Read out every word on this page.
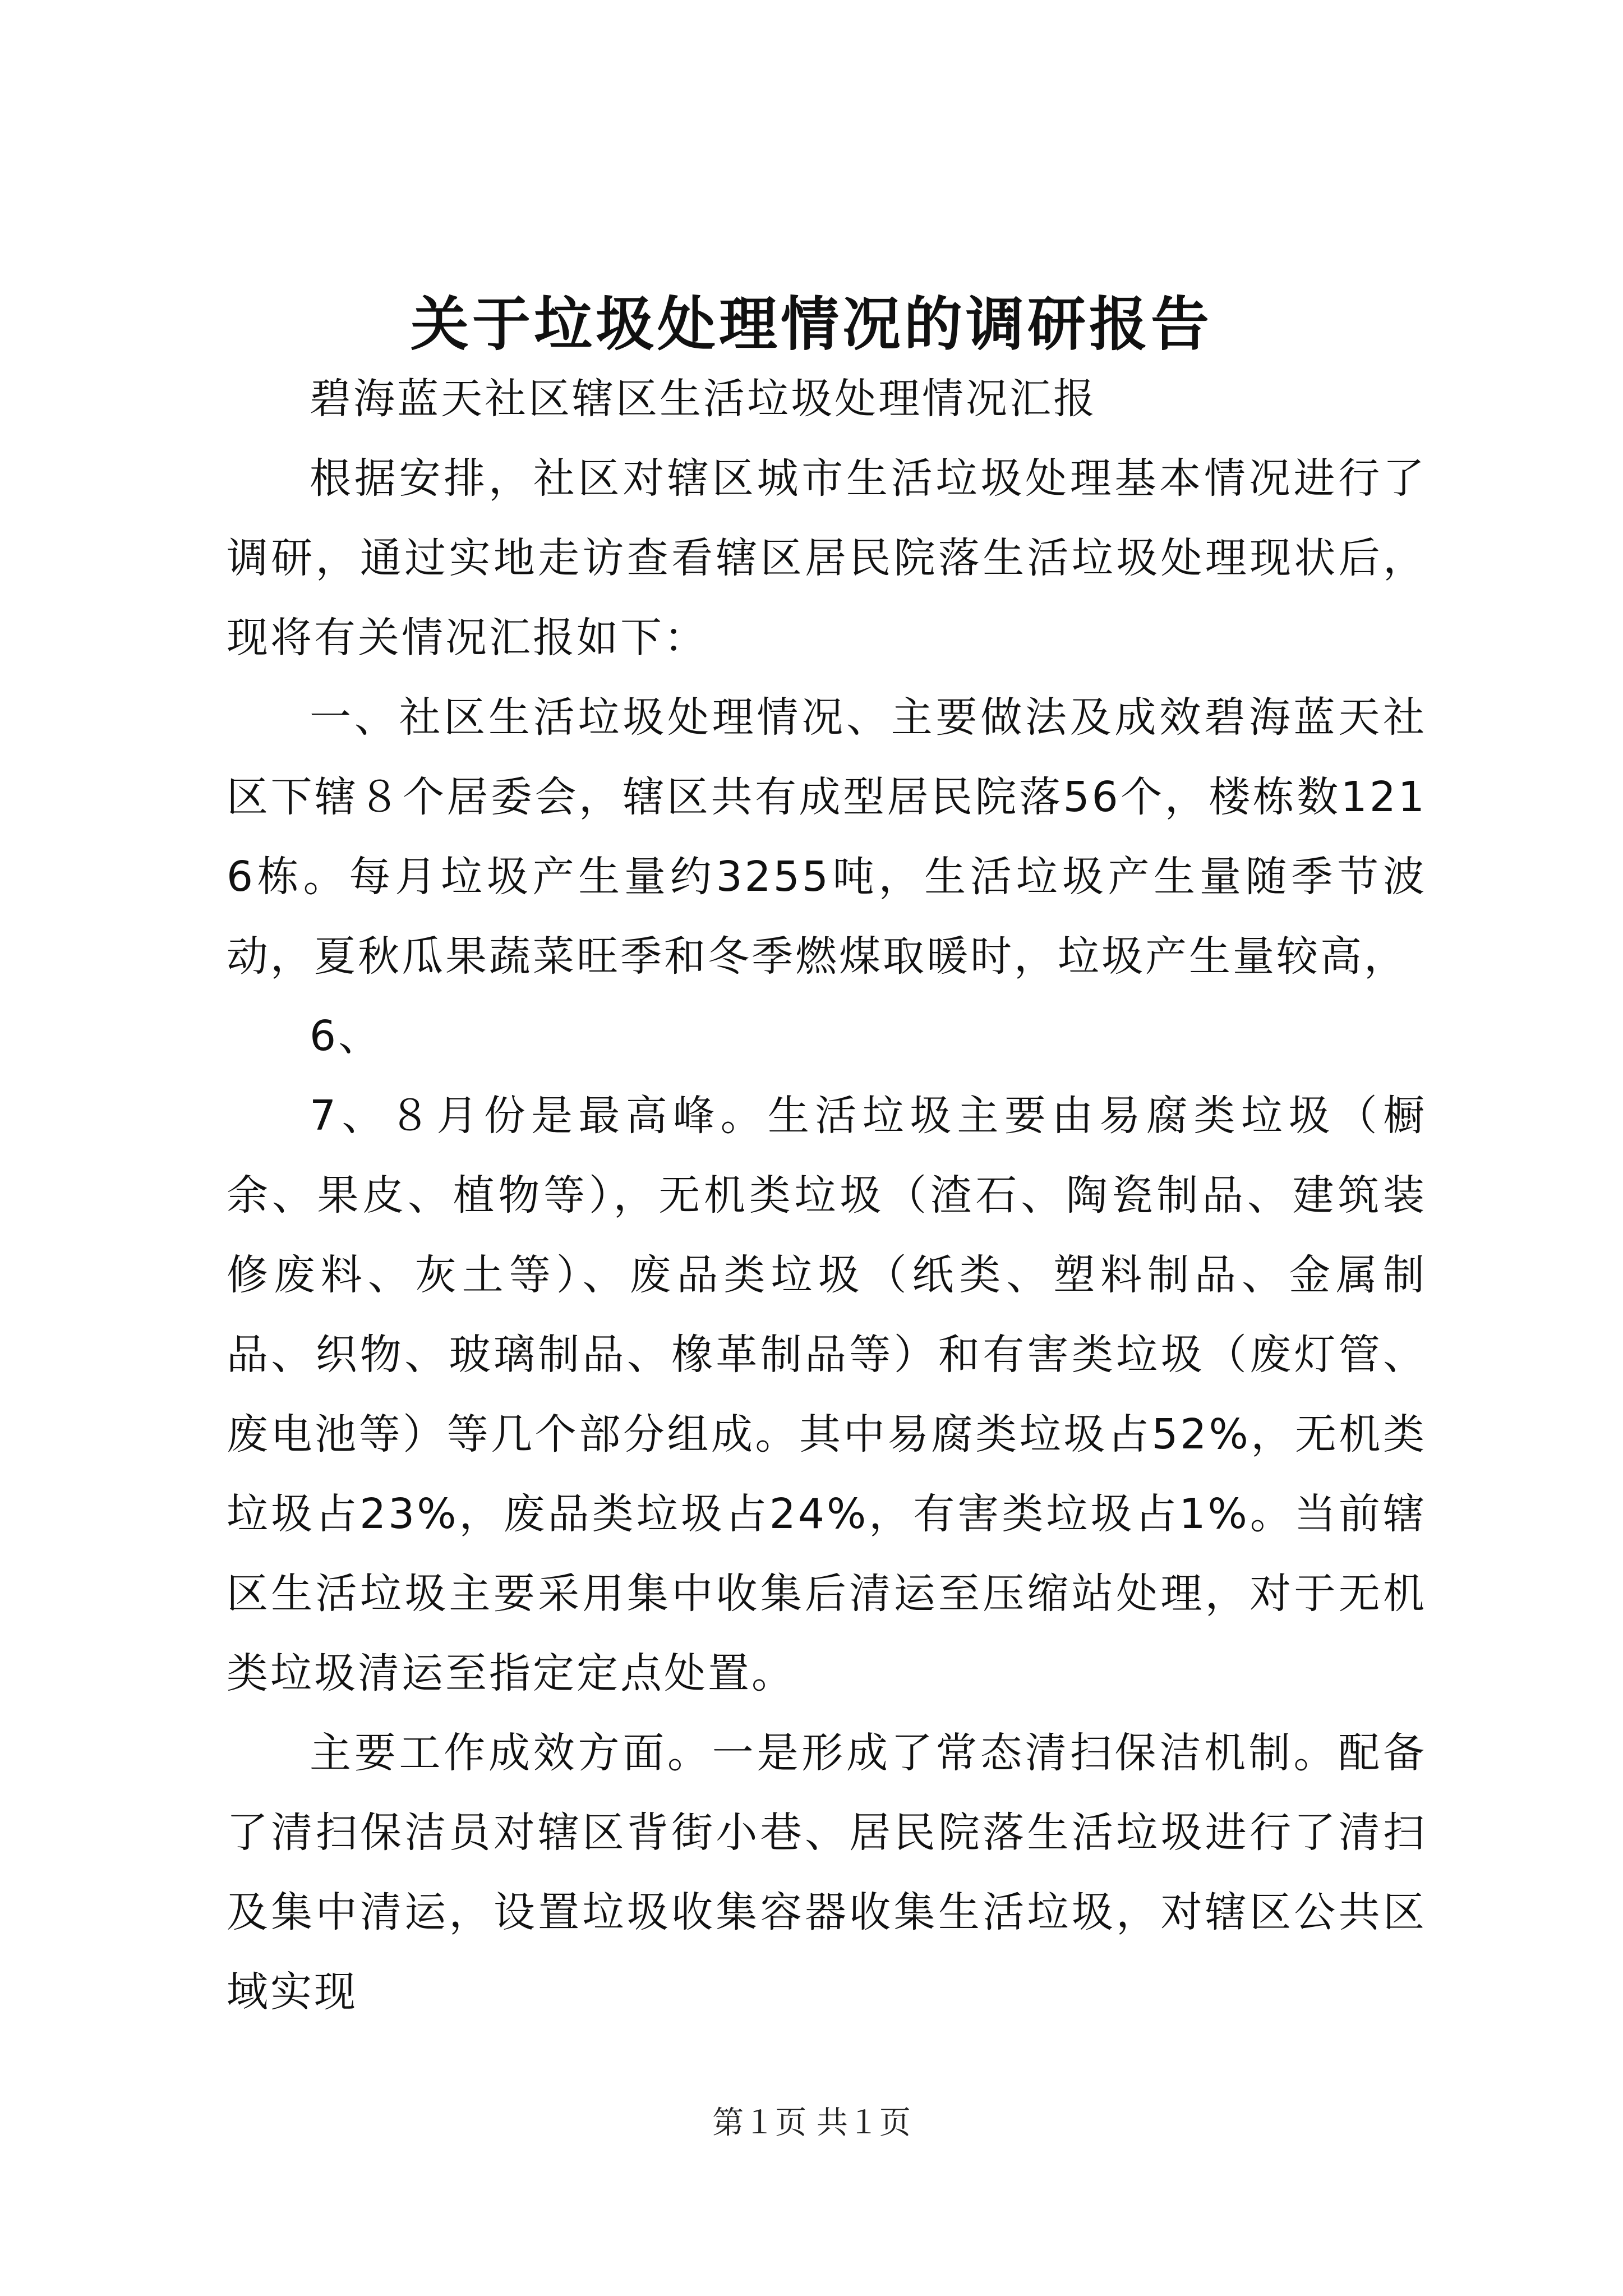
关于垃圾处理情况的调研报告

碧海蓝天社区辖区生活垃圾处理情况汇报

根据安排，社区对辖区城市生活垃圾处理基本情况进行了调研，通过实地走访查看辖区居民院落生活垃圾处理现状后，现将有关情况汇报如下：

一、社区生活垃圾处理情况、主要做法及成效碧海蓝天社区下辖８个居委会，辖区共有成型居民院落56个，楼栋数1216栋。每月垃圾产生量约3255吨，生活垃圾产生量随季节波动，夏秋瓜果蔬菜旺季和冬季燃煤取暖时，垃圾产生量较高，

6、

7、８月份是最高峰。生活垃圾主要由易腐类垃圾（橱余、果皮、植物等），无机类垃圾（渣石、陶瓷制品、建筑装修废料、灰土等）、废品类垃圾（纸类、塑料制品、金属制品、织物、玻璃制品、橡革制品等）和有害类垃圾（废灯管、废电池等）等几个部分组成。其中易腐类垃圾占52%，无机类垃圾占23%，废品类垃圾占24%，有害类垃圾占1%。当前辖区生活垃圾主要采用集中收集后清运至压缩站处理，对于无机类垃圾清运至指定定点处置。

主要工作成效方面。一是形成了常态清扫保洁机制。配备了清扫保洁员对辖区背街小巷、居民院落生活垃圾进行了清扫及集中清运，设置垃圾收集容器收集生活垃圾，对辖区公共区域实现

第１页 共１页
